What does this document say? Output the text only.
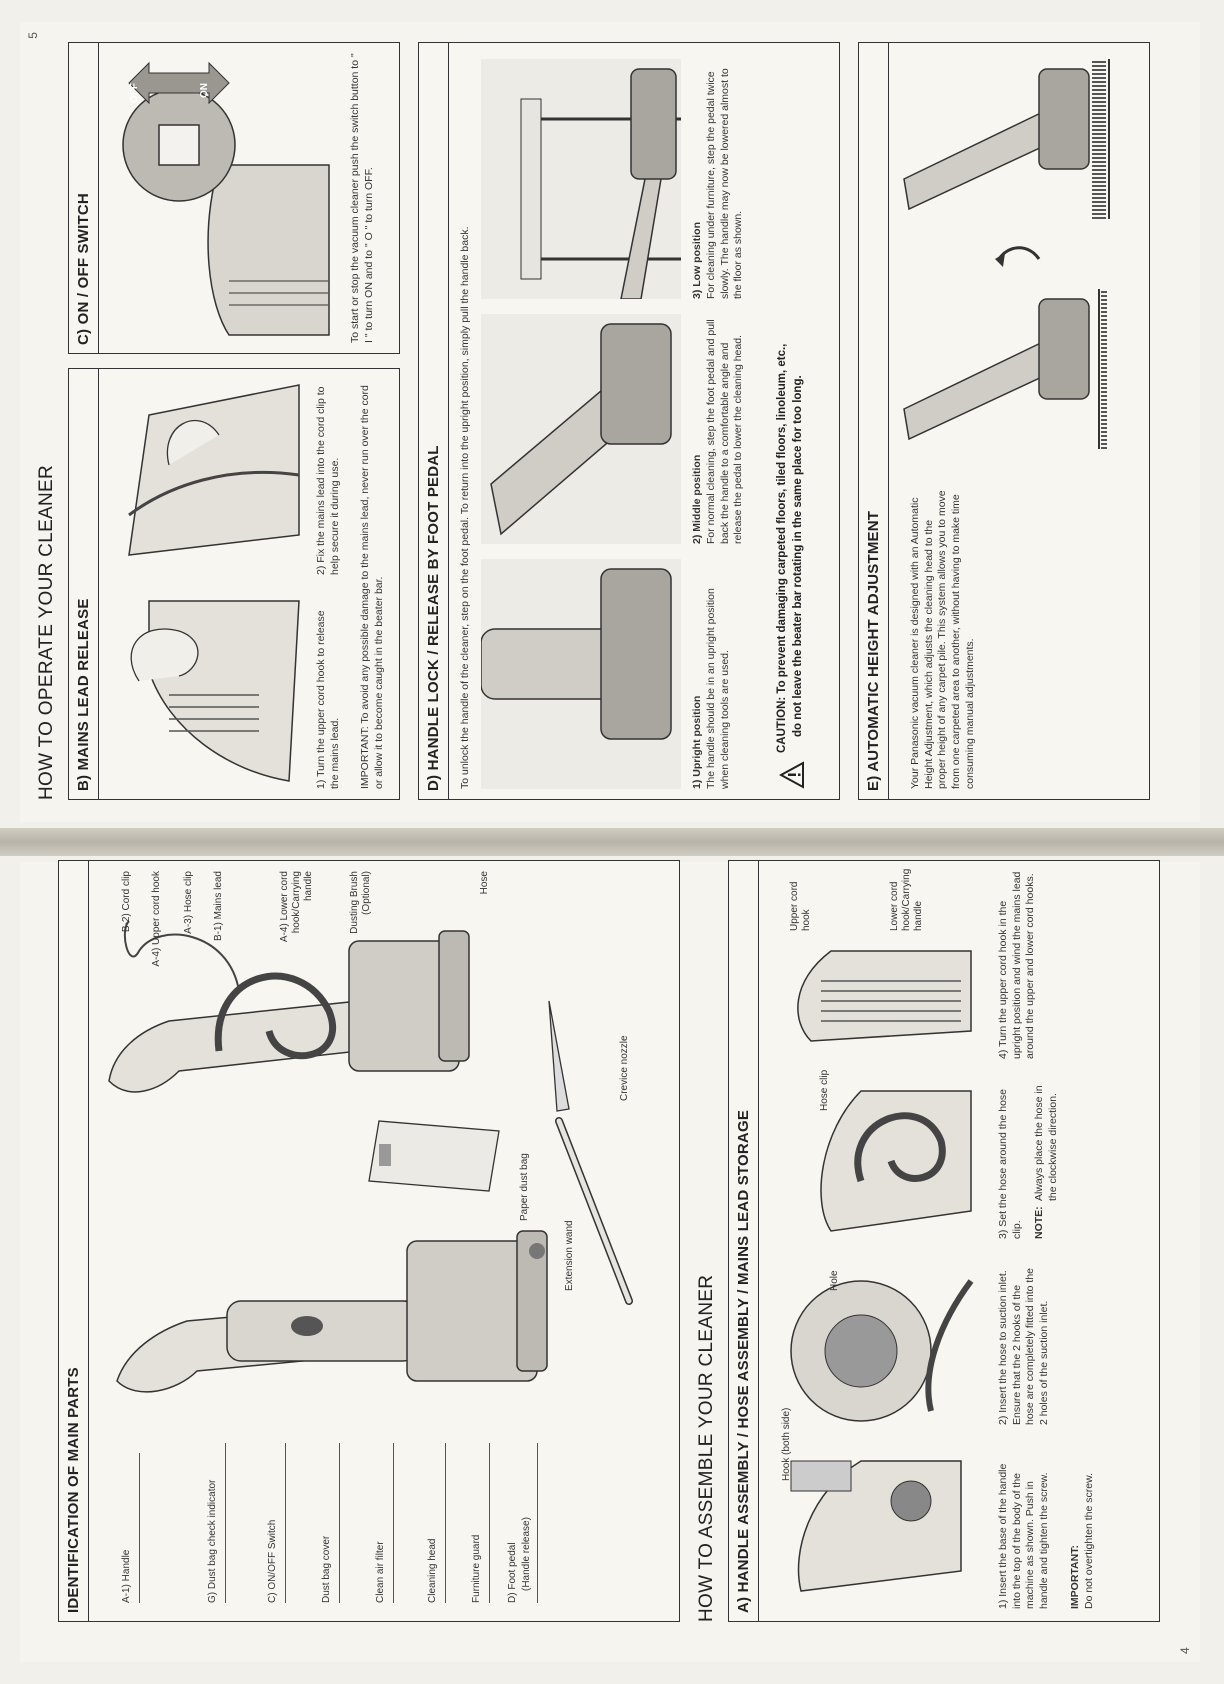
4
IDENTIFICATION OF MAIN PARTS	A-1) Handle	G) Dust bag check indicator	C) ON/OFF Switch	Dust bag cover	Clean air filter	Cleaning head	Furniture guard	D) Foot pedal (Handle release)
Paper dust bag
Extension wand
Crevice nozzle
B-2) Cord clip A-4) Upper cord hook A-3) Hose clip B-1) Mains lead	A-4) Lower cord hook/Carrying handle	Dusting Brush (Optional)	Hose
HOW TO ASSEMBLE YOUR CLEANER	A) HANDLE ASSEMBLY / HOSE ASSEMBLY / MAINS LEAD STORAGE	Hook (both side)
Hole
Hose clip
Upper cord hook	Lower cord hook/Carrying handle
1) Insert the base of the handle into the top of the body of the machine as shown. Push in handle and tighten the screw. IMPORTANT: Do not overtighten the screw.
2) Insert the hose to suction inlet. Ensure that the 2 hooks of the hose are completely fitted into the 2 holes of the suction inlet.
3) Set the hose around the hose clip. NOTE:
Always place the hose in the clockwise direction.
4) Turn the upper cord hook in the upright position and wind the mains lead around the upper and lower cord hooks.
5
HOW TO OPERATE YOUR CLEANER	B) MAINS LEAD RELEASE	1) Turn the upper cord hook to release the mains lead.
2) Fix the mains lead into the cord clip to help secure it during use. IMPORTANT: To avoid any possible damage to the mains lead, never run over the cord or allow it to become caught in the beater bar.
C) ON / OFF SWITCH
OFF	ON	To start or stop the vacuum cleaner push the switch button to " I " to turn ON and to " O " to turn OFF.
D) HANDLE LOCK / RELEASE BY FOOT PEDAL	To unlock the handle of the cleaner, step on the foot pedal. To return into the upright position, simply pull the handle back.	1) Upright position The handle should be in an upright position when cleaning tools are used.
2) Middle position For normal cleaning, step the foot pedal and pull back the handle to a comfortable angle and release the pedal to lower the cleaning head.
3) Low position For cleaning under furniture, step the pedal twice slowly. The handle may now be lowered almost to the floor as shown.
CAUTION: To prevent damaging carpeted floors, tiled floors, linoleum, etc., do not leave the beater bar rotating in the same place for too long.	E) AUTOMATIC HEIGHT ADJUSTMENT	Your Panasonic vacuum cleaner is designed with an Automatic Height Adjustment, which adjusts the cleaning head to the proper height of any carpet pile. This system allows you to move from one carpeted area to another, without having to make time consuming manual adjustments.
